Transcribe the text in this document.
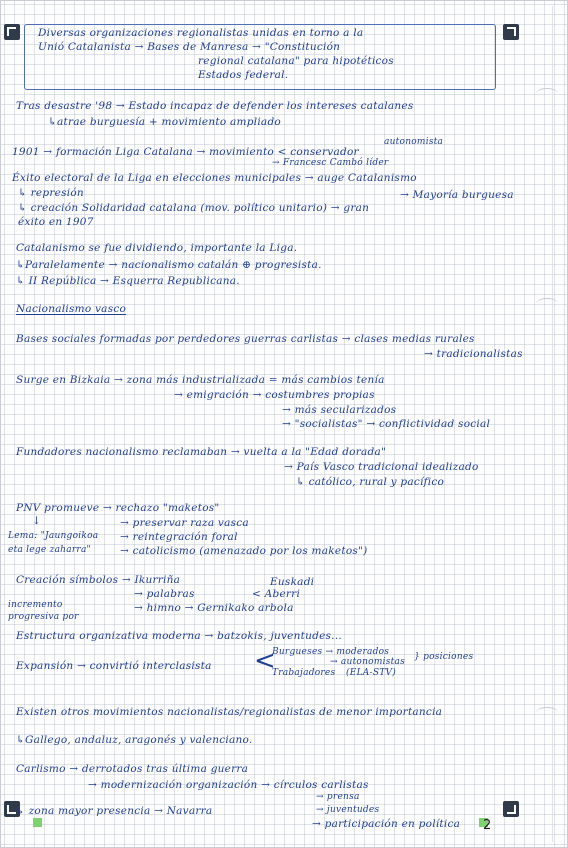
Diversas organizaciones regionalistas unidas en torno a la

Unió Catalanista → Bases de Manresa → "Constitución

regional catalana" para hipotéticos

Estados federal.

Tras desastre '98 → Estado incapaz de defender los intereses catalanes

↳atrae burguesía + movimiento ampliado

autonomista

1901 → formación Liga Catalana → movimiento < conservador

→ Francesc Cambó líder

Éxito electoral de la Liga en elecciones municipales → auge Catalanismo

↳ represión	→ Mayoría burguesa

↳ creación Solidaridad catalana (mov. político unitario) → gran

éxito en 1907

Catalanismo se fue dividiendo, importante la Liga.

↳Paralelamente → nacionalismo catalán ⊕ progresista.

↳ II República → Esquerra Republicana.

Nacionalismo vasco

Bases sociales formadas por perdedores guerras carlistas → clases medias rurales

→ tradicionalistas

Surge en Bizkaia → zona más industrializada = más cambios tenía

→ emigración → costumbres propias

→ más secularizados

→ "socialistas" → conflictividad social

Fundadores nacionalismo reclamaban → vuelta a la "Edad dorada"

→ País Vasco tradicional idealizado

↳ católico, rural y pacífico

PNV promueve → rechazo "maketos"

↓	→ preservar raza vasca

Lema: "Jaungoikoa → reintegración foral

eta lege zaharra"	→ catolicismo (amenazado por los maketos")

Creación símbolos → Ikurriña	Euskadi

→ palabras	< Aberri

incremento	→ himno → Gernikako arbola

progresiva por

Estructura organizativa moderna → batzokis, juventudes...

Burgueses → moderados

→ autonomistas } posiciones

Expansión → convirtió interclasista <

Trabajadores (ELA-STV)

Existen otros movimientos nacionalistas/regionalistas de menor importancia

↳Gallego, andaluz, aragonés y valenciano.

Carlismo → derrotados tras última guerra

→ modernización organización → círculos carlistas

→ prensa

↳ zona mayor presencia → Navarra	→ juventudes

→ participación en política 2
